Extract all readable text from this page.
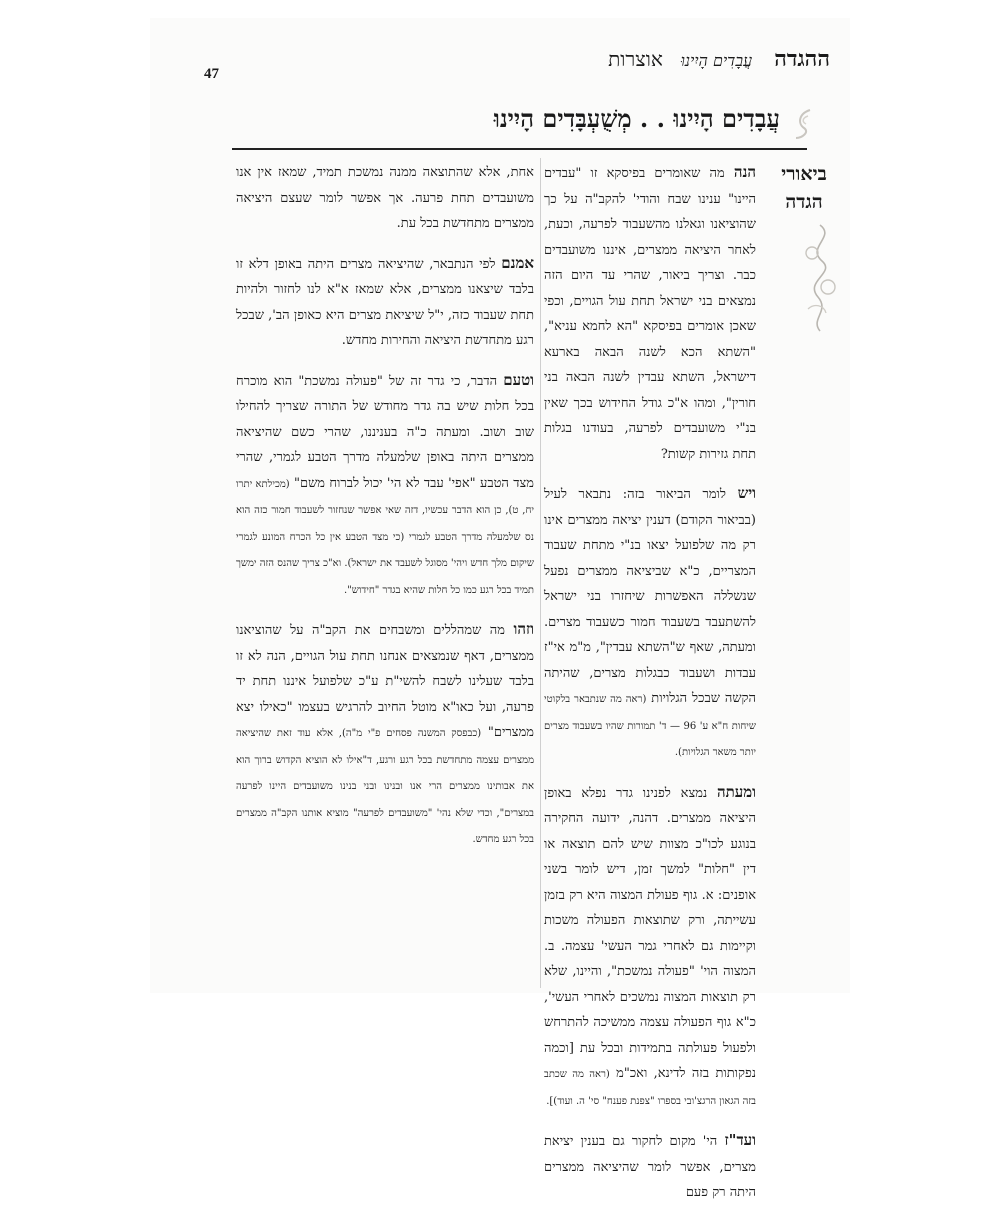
ההגדהעֲבָדִים הָיִינוּאוצרות
47
עֲבָדִים הָיִינוּ . . מְשֻׁעְבָּדִים הָיִינוּ
ביאורי
הגדה

הנה מה שאומרים בפיסקא זו "עבדים היינו" ענינו שבח והודי' להקב"ה על כך שהוציאנו וגאלנו מהשעבוד לפרעה, וכעת, לאחר היציאה ממצרים, איננו משועבדים כבר. וצריך ביאור, שהרי עד היום הזה נמצאים בני ישראל תחת עול הגויים, וכפי שאכן אומרים בפיסקא "הא לחמא עניא", "השתא הכא לשנה הבאה בארעא דישראל, השתא עבדין לשנה הבאה בני חורין", ומהו א"כ גודל החידוש בכך שאין בנ"י משועבדים לפרעה, בעודנו בגלות תחת גזירות קשות?

ויש לומר הביאור בזה: נתבאר לעיל (בביאור הקודם) דענין יציאה ממצרים אינו רק מה שלפועל יצאו בנ"י מתחת שעבוד המצריים, כ"א שביציאה ממצרים נפעל שנשללה האפשרות שיחזרו בני ישראל להשתעבד בשעבוד חמור כשעבוד מצרים. ומעתה, שאף ש"השתא עבדין", מ"מ אי"ז עבדות ושעבוד כבגלות מצרים, שהיתה הקשה שבכל הגלויות (ראה מה שנתבאר בלקוטי שיחות ח"א ע' 96 — ד' תמורות שהיו בשעבוד מצרים יותר משאר הגלויות).

ומעתה נמצא לפנינו גדר נפלא באופן היציאה ממצרים. דהנה, ידועה החקירה בנוגע לכו"כ מצוות שיש להם תוצאה או דין "חלות" למשך זמן, דיש לומר בשני אופנים: א. גוף פעולת המצוה היא רק בזמן עשייתה, ורק שתוצאות הפעולה משכות וקיימות גם לאחרי גמר העשי' עצמה. ב. המצוה הוי' "פעולה נמשכת", והיינו, שלא רק תוצאות המצוה נמשכים לאחרי העשי', כ"א גוף הפעולה עצמה ממשיכה להתרחש ולפעול פעולתה בתמידות ובכל עת [וכמה נפקותות בזה לדינא, ואכ"מ (ראה מה שכתב בזה הגאון הרגצ'ובי בספרו "צפנת פענח" סי' ה. ועוד)].

ועד"ז הי' מקום לחקור גם בענין יציאת מצרים, אפשר לומר שהיציאה ממצרים היתה רק פעם

אחת, אלא שהתוצאה ממנה נמשכת תמיד, שמאז אין אנו משועבדים תחת פרעה. אך אפשר לומר שעצם היציאה ממצרים מתחדשת בכל עת.

אמנם לפי הנתבאר, שהיציאה מצרים היתה באופן דלא זו בלבד שיצאנו ממצרים, אלא שמאז א"א לנו לחזור ולהיות תחת שעבוד כזה, י"ל שיציאת מצרים היא כאופן הב', שבכל רגע מתחדשת היציאה והחירות מחדש.

וטעם הדבר, כי גדר זה של "פעולה נמשכת" הוא מוכרח בכל חלות שיש בה גדר מחודש של התורה שצריך להחילו שוב ושוב. ומעתה כ"ה בעניננו, שהרי כשם שהיציאה ממצרים היתה באופן שלמעלה מדרך הטבע לגמרי, שהרי מצד הטבע "אפי' עבד לא הי' יכול לברוח משם" (מכילתא יתרו יח, ט), כן הוא הדבר עכשיו, דזה שאי אפשר שנחזור לשעבוד חמור כזה הוא נס שלמעלה מדרך הטבע לגמרי (כי מצד הטבע אין כל הכרח המונע לגמרי שיקום מלך חדש ויהי' מסוגל לשעבד את ישראל). וא"כ צריך שהנס הזה ימשך תמיד בכל רגע כמו כל חלות שהיא בגדר "חידוש".

וזהו מה שמהללים ומשבחים את הקב"ה על שהוציאנו ממצרים, דאף שנמצאים אנחנו תחת עול הגויים, הנה לא זו בלבד שעלינו לשבח להשי"ת ע"כ שלפועל איננו תחת יד פרעה, ועל כאו"א מוטל החיוב להרגיש בעצמו "כאילו יצא ממצרים" (כבפסק המשנה פסחים פ"י מ"ה), אלא עוד זאת שהיציאה ממצרים עצמה מתחדשת בכל רגע ורגע, ד"אילו לא הוציא הקדוש ברוך הוא את אבותינו ממצרים הרי אנו ובנינו ובני בנינו משועבדים היינו לפרעה במצרים", וכדי שלא נהי' "משועבדים לפרעה" מוציא אותנו הקב"ה ממצרים בכל רגע מחדש.
